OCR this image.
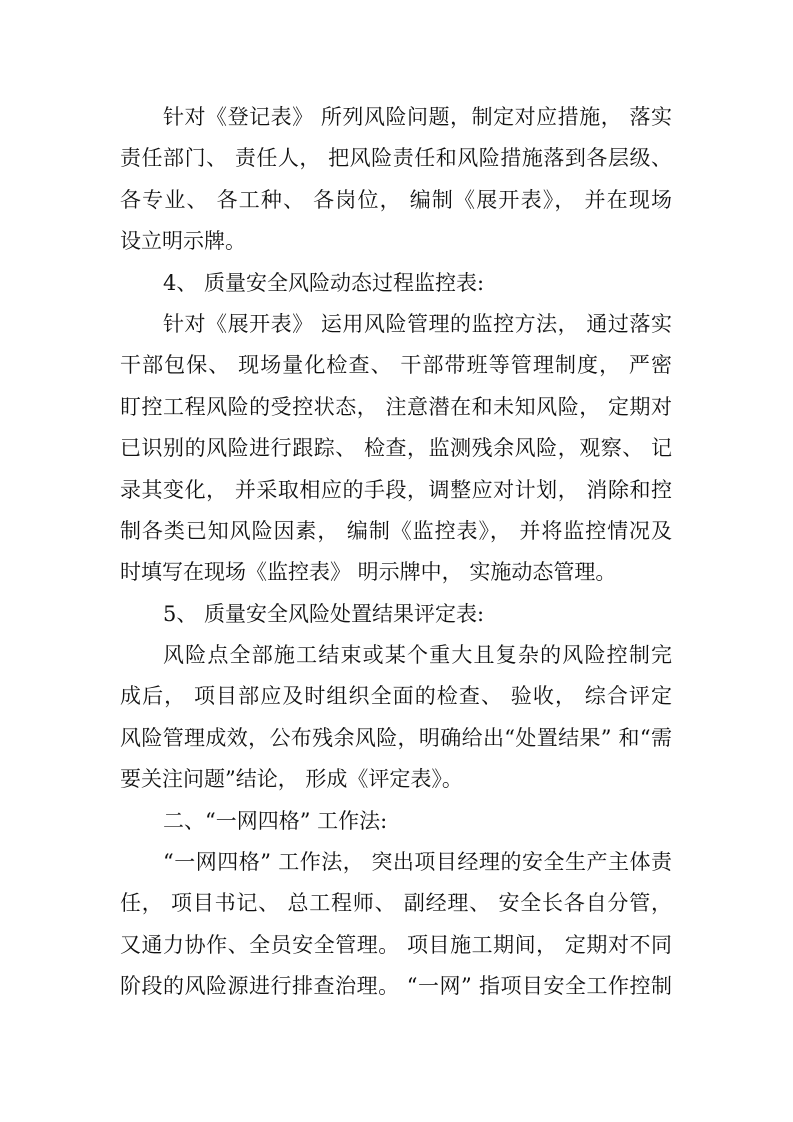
针对《登记表》 所列风险问题，制定对应措施， 落实
责任部门、 责任人， 把风险责任和风险措施落到各层级、
各专业、 各工种、 各岗位， 编制《展开表》， 并在现场
设立明示牌。
4、 质量安全风险动态过程监控表:
针对《展开表》 运用风险管理的监控方法， 通过落实
干部包保、 现场量化检查、 干部带班等管理制度， 严密
盯控工程风险的受控状态， 注意潜在和未知风险， 定期对
已识别的风险进行跟踪、 检查，监测残余风险，观察、 记
录其变化， 并采取相应的手段，调整应对计划， 消除和控
制各类已知风险因素， 编制《监控表》， 并将监控情况及
时填写在现场《监控表》 明示牌中， 实施动态管理。
5、 质量安全风险处置结果评定表:
风险点全部施工结束或某个重大且复杂的风险控制完
成后， 项目部应及时组织全面的检查、 验收， 综合评定
风险管理成效，公布残余风险，明确给出“处置结果” 和“需
要关注问题”结论， 形成《评定表》。
二、“一网四格” 工作法:
“一网四格” 工作法， 突出项目经理的安全生产主体责
任， 项目书记、 总工程师、 副经理、 安全长各自分管，
又通力协作、全员安全管理。 项目施工期间， 定期对不同
阶段的风险源进行排查治理。 “一网” 指项目安全工作控制
